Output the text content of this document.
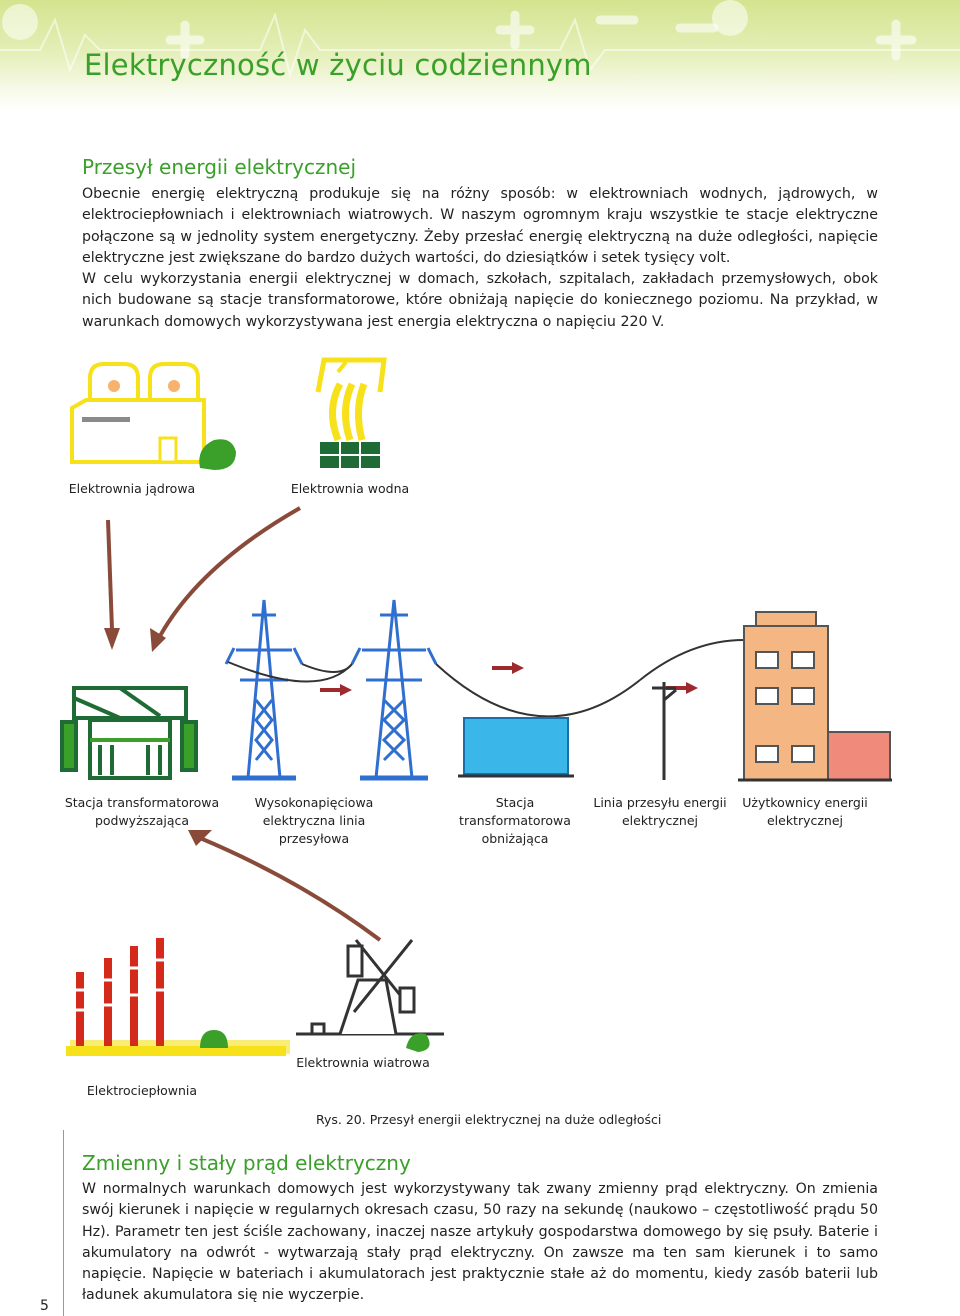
Elektryczność w życiu codziennym
Przesył energii elektrycznej

Obecnie energię elektryczną produkuje się na różny sposób: w elektrowniach wodnych, jądrowych, w elektrociepłowniach i elektrowniach wiatrowych. W naszym ogromnym kraju wszystkie te stacje elektryczne połączone są w jednolity system energetyczny. Żeby przesłać energię elektryczną na duże odległości, napięcie elektryczne jest zwiększane do bardzo dużych wartości, do dziesiątków i setek tysięcy volt.

W celu wykorzystania energii elektrycznej w domach, szkołach, szpitalach, zakładach przemysłowych, obok nich budowane są stacje transformatorowe, które obniżają napięcie do koniecznego poziomu. Na przykład, w warunkach domowych wykorzystywana jest energia elektryczna o napięciu 220 V.

Elektrownia jądrowa	Elektrownia wodna
Stacja transformatorowa
podwyższająca
Wysokonapięciowa
elektryczna linia
przesyłowa
Stacja
transformatorowa
obniżająca
Linia przesyłu energii
elektrycznej
Użytkownicy energii
elektrycznej
Elektrownia wiatrowa
Elektrociepłownia
Rys. 20. Przesył energii elektrycznej na duże odległości
Zmienny i stały prąd elektryczny

W normalnych warunkach domowych jest wykorzystywany tak zwany zmienny prąd elektryczny. On zmienia swój kierunek i napięcie w regularnych okresach czasu, 50 razy na sekundę (naukowo – częstotliwość prądu 50 Hz). Parametr ten jest ściśle zachowany, inaczej nasze artykuły gospodarstwa domowego by się psuły. Baterie i akumulatory na odwrót - wytwarzają stały prąd elektryczny. On zawsze ma ten sam kierunek i to samo napięcie. Napięcie w bateriach i akumulatorach jest praktycznie stałe aż do momentu, kiedy zasób baterii lub ładunek akumulatora się nie wyczerpie.

5
